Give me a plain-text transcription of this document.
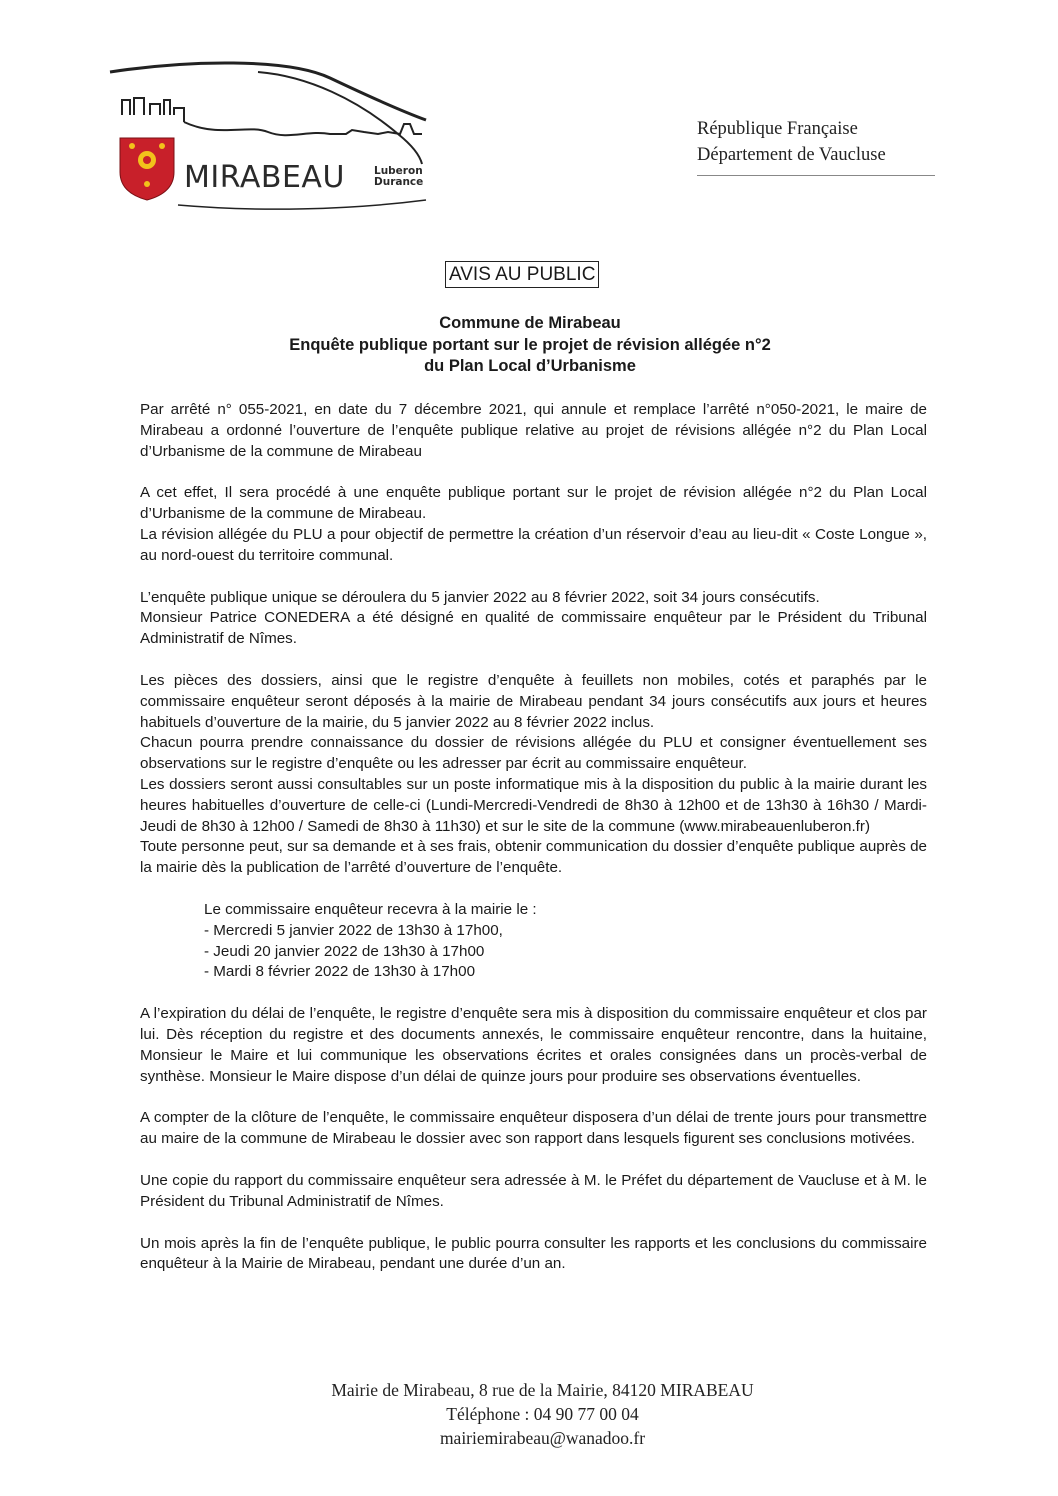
MIRABEAU	Luberon
Durance
République Française
Département de Vaucluse
AVIS AU PUBLIC
Commune de Mirabeau
Enquête publique portant sur le projet de révision allégée n°2
du Plan Local d’Urbanisme

Par arrêté n° 055-2021, en date du 7 décembre 2021, qui annule et remplace l’arrêté n°050-2021, le maire de Mirabeau a ordonné l’ouverture de l’enquête publique relative au projet de révisions allégée n°2 du Plan Local d’Urbanisme de la commune de Mirabeau

A cet effet, Il sera procédé à une enquête publique portant sur le projet de révision allégée n°2 du Plan Local d’Urbanisme de la commune de Mirabeau.
La révision allégée du PLU a pour objectif de permettre la création d’un réservoir d’eau au lieu-dit « Coste Longue », au nord-ouest du territoire communal.

L’enquête publique unique se déroulera du 5 janvier 2022 au 8 février 2022, soit 34 jours consécutifs.
Monsieur Patrice CONEDERA a été désigné en qualité de commissaire enquêteur par le Président du Tribunal Administratif de Nîmes.

Les pièces des dossiers, ainsi que le registre d’enquête à feuillets non mobiles, cotés et paraphés par le commissaire enquêteur seront déposés à la mairie de Mirabeau pendant 34 jours consécutifs aux jours et heures habituels d’ouverture de la mairie, du 5 janvier 2022 au 8 février 2022 inclus.
Chacun pourra prendre connaissance du dossier de révisions allégée du PLU et consigner éventuellement ses observations sur le registre d’enquête ou les adresser par écrit au commissaire enquêteur.
Les dossiers seront aussi consultables sur un poste informatique mis à la disposition du public à la mairie durant les heures habituelles d’ouverture de celle-ci (Lundi-Mercredi-Vendredi de 8h30 à 12h00 et de 13h30 à 16h30 / Mardi-Jeudi de 8h30 à 12h00 / Samedi de 8h30 à 11h30) et sur le site de la commune (www.mirabeauenluberon.fr)
Toute personne peut, sur sa demande et à ses frais, obtenir communication du dossier d’enquête publique auprès de la mairie dès la publication de l’arrêté d’ouverture de l’enquête.

Le commissaire enquêteur recevra à la mairie le :
- Mercredi 5 janvier 2022 de 13h30 à 17h00,
- Jeudi 20 janvier 2022 de 13h30 à 17h00
- Mardi 8 février 2022 de 13h30 à 17h00

A l’expiration du délai de l’enquête, le registre d’enquête sera mis à disposition du commissaire enquêteur et clos par lui. Dès réception du registre et des documents annexés, le commissaire enquêteur rencontre, dans la huitaine, Monsieur le Maire et lui communique les observations écrites et orales consignées dans un procès-verbal de synthèse. Monsieur le Maire dispose d’un délai de quinze jours pour produire ses observations éventuelles.

A compter de la clôture de l’enquête, le commissaire enquêteur disposera d’un délai de trente jours pour transmettre au maire de la commune de Mirabeau le dossier avec son rapport dans lesquels figurent ses conclusions motivées.

Une copie du rapport du commissaire enquêteur sera adressée à M. le Préfet du département de Vaucluse et à M. le Président du Tribunal Administratif de Nîmes.

Un mois après la fin de l’enquête publique, le public pourra consulter les rapports et les conclusions du commissaire enquêteur à la Mairie de Mirabeau, pendant une durée d’un an.

Mairie de Mirabeau, 8 rue de la Mairie, 84120 MIRABEAU
Téléphone : 04 90 77 00 04
mairiemirabeau@wanadoo.fr
